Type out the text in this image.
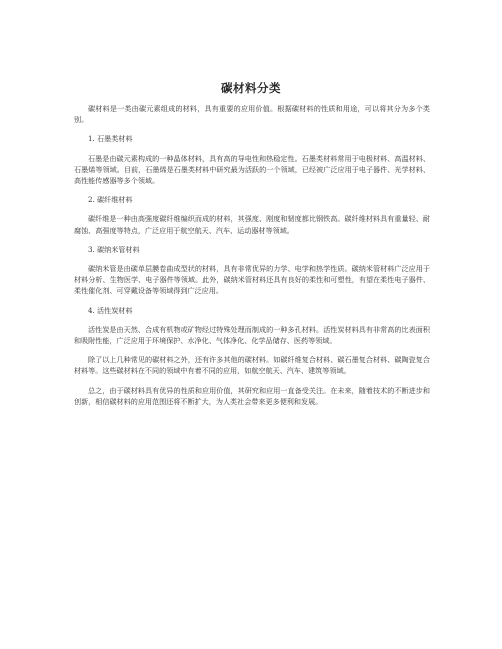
碳材料分类

碳材料是一类由碳元素组成的材料，具有重要的应用价值。根据碳材料的性质和用途，可以将其分为多个类别。

1. 石墨类材料

石墨是由碳元素构成的一种晶体材料，具有高的导电性和热稳定性。石墨类材料常用于电极材料、高温材料、石墨烯等领域。目前，石墨烯是石墨类材料中研究最为活跃的一个领域，已经被广泛应用于电子器件、光学材料、高性能传感器等多个领域。

2. 碳纤维材料

碳纤维是一种由高强度碳纤维编织而成的材料，其强度、刚度和韧度都比钢铁高。碳纤维材料具有重量轻、耐腐蚀、高强度等特点，广泛应用于航空航天、汽车、运动器材等领域。

3. 碳纳米管材料

碳纳米管是由碳单层膜卷曲成型状的材料，具有非常优异的力学、电学和热学性质。碳纳米管材料广泛应用于材料分析、生物医学、电子器件等领域。此外，碳纳米管材料还具有良好的柔性和可塑性，有望在柔性电子器件、柔性催化剂、可穿戴设备等领域得到广泛应用。

4. 活性炭材料

活性炭是由天然、合成有机物或矿物经过特殊处理而制成的一种多孔材料。活性炭材料具有非常高的比表面积和吸附性能，广泛应用于环境保护、水净化、气体净化、化学品储存、医药等领域。

除了以上几种常见的碳材料之外，还有许多其他的碳材料。如碳纤维复合材料、碳石墨复合材料、碳陶瓷复合材料等。这些碳材料在不同的领域中有着不同的应用，如航空航天、汽车、建筑等领域。

总之，由于碳材料具有优异的性质和应用价值，其研究和应用一直备受关注。在未来，随着技术的不断进步和创新，相信碳材料的应用范围还将不断扩大，为人类社会带来更多便利和发展。
